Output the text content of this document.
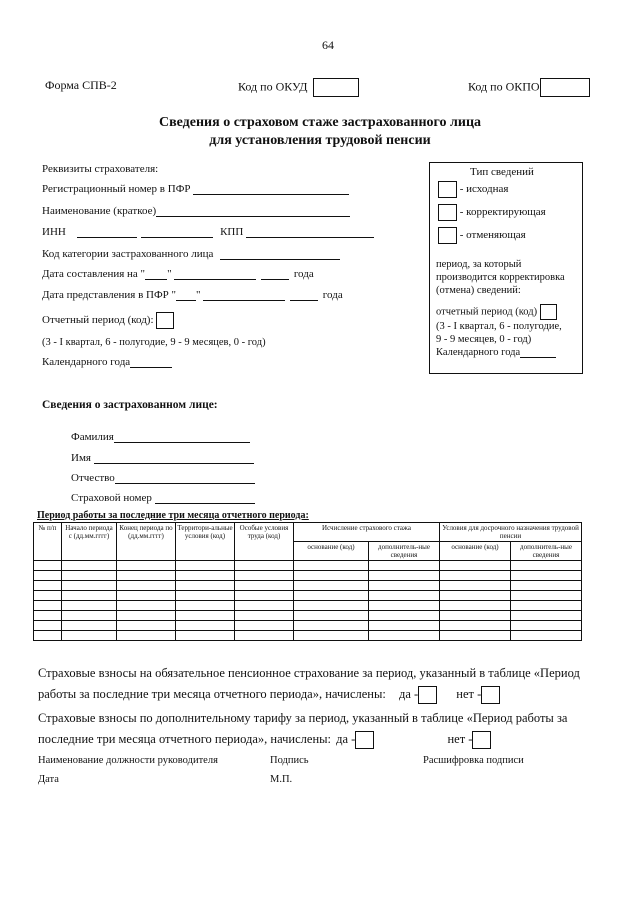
64
Форма СПВ-2	Код по ОКУД	Код по ОКПО
Сведения о страховом стаже застрахованного лица
для установления трудовой пенсии
Реквизиты страхователя:
Регистрационный номер в ПФР
Наименование (краткое)
ИНН	КПП
Код категории застрахованного лица
Дата составления на " "	года
Дата представления в ПФР " "	года
Отчетный период (код):
(3 - I квартал, 6 - полугодие, 9 - 9 месяцев, 0 - год)
Календарного года
Тип сведений
- исходная
- корректирующая
- отменяющая
период, за который
производится корректировка
(отмена) сведений:
отчетный период (код)
(3 - I квартал, 6 - полугодие,
9 - 9 месяцев, 0 - год)
Календарного года
Сведения о застрахованном лице:
Фамилия
Имя
Отчество
Страховой номер
Период работы за последние три месяца отчетного периода:
№ п/п	Начало периода с (дд.мм.гггг)	Конец периода по (дд.мм.гггг)	Территори-альные условия (код)	Особые условия труда (код)	Исчисление страхового стажа		Условия для досрочного назначения трудовой пенсии	
					основание (код)	дополнитель-ные сведения	основание (код)	дополнитель-ные сведения

Страховые взносы на обязательное пенсионное страхование за период, указанный в таблице «Период
работы за последние три месяца отчетного периода», начислены: да -	нет -
Страховые взносы по дополнительному тарифу за период, указанный в таблице «Период работы за
последние три месяца отчетного периода», начислены: да -	нет -
Наименование должности руководителя	Подпись	Расшифровка подписи
Дата	М.П.
